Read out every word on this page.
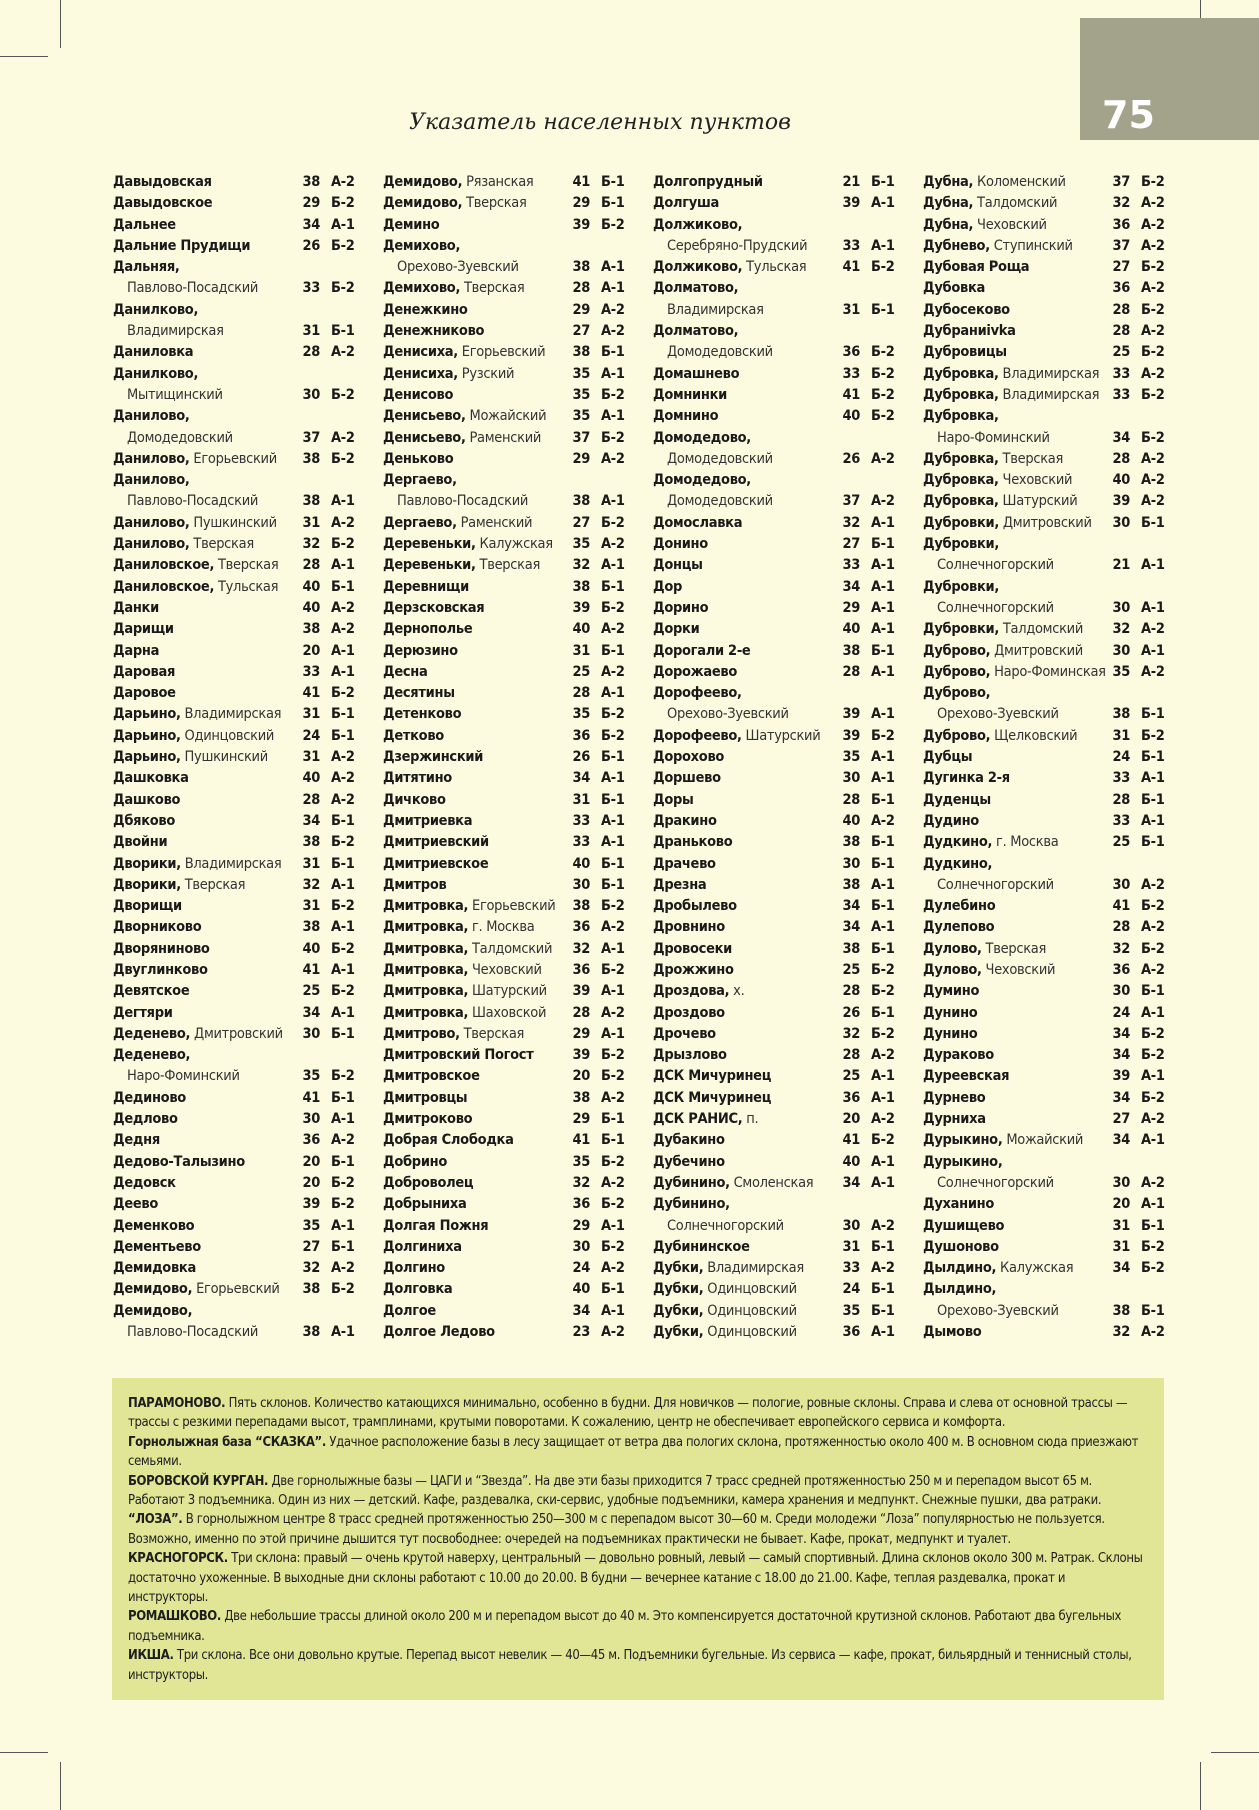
75
Указатель населенных пунктов
Давыдовская	38 А-2
Давыдовское	29 Б-2
Дальнее	34 А-1
Дальние Прудищи	26 Б-2
Дальняя,
Павлово-Посадский	33 Б-2
Данилково,
Владимирская	31 Б-1
Даниловка	28 А-2
Данилково,
Мытищинский	30 Б-2
Данилово,
Домодедовский	37 А-2
Данилово, Егорьевский	38 Б-2
Данилово,
Павлово-Посадский	38 А-1
Данилово, Пушкинский	31 А-2
Данилово, Тверская	32 Б-2
Даниловское, Тверская	28 А-1
Даниловское, Тульская	40 Б-1
Данки	40 А-2
Дарищи	38 А-2
Дарна	20 А-1
Даровая	33 А-1
Дарoвое	41 Б-2
Дарьино, Владимирская	31 Б-1
Дарьино, Одинцовский	24 Б-1
Дарьино, Пушкинский	31 А-2
Дашковка	40 А-2
Дашково	28 А-2
Дбяково	34 Б-1
Двойни	38 Б-2
Дворики, Владимирская	31 Б-1
Дворики, Тверская	32 А-1
Дворищи	31 Б-2
Дворниково	38 А-1
Дворяниново	40 Б-2
Двуглинково	41 А-1
Девятское	25 Б-2
Дегтяри	34 А-1
Деденево, Дмитровский	30 Б-1
Деденево,
Наро-Фоминский	35 Б-2
Дединово	41 Б-1
Дедлово	30 А-1
Дедня	36 А-2
Дедово-Талызино	20 Б-1
Дедовск	20 Б-2
Деево	39 Б-2
Деменково	35 А-1
Дементьево	27 Б-1
Демидовка	32 А-2
Демидово, Егорьевский	38 Б-2
Демидово,
Павлово-Посадский	38 А-1
Демидово, Рязанская	41 Б-1
Демидово, Тверская	29 Б-1
Демино	39 Б-2
Демихово,
Орехово-Зуевский	38 А-1
Демихово, Тверская	28 А-1
Денежкино	29 А-2
Денежниково	27 А-2
Денисиха, Егорьевский	38 Б-1
Денисиха, Рузский	35 А-1
Денисово	35 Б-2
Денисьево, Можайский	35 А-1
Денисьево, Раменский	37 Б-2
Деньково	29 А-2
Дергаево,
Павлово-Посадский	38 А-1
Дергаево, Раменский	27 Б-2
Деревеньки, Калужская	35 А-2
Деревеньки, Тверская	32 А-1
Деревнищи	38 Б-1
Дерзсковская	39 Б-2
Дернополье	40 А-2
Дерюзино	31 Б-1
Десна	25 А-2
Десятины	28 А-1
Детенково	35 Б-2
Детково	36 Б-2
Дзержинский	26 Б-1
Дитятино	34 А-1
Дичково	31 Б-1
Дмитриевка	33 А-1
Дмитриевский	33 А-1
Дмитриевское	40 Б-1
Дмитров	30 Б-1
Дмитровка, Егорьевский	38 Б-2
Дмитровка, г. Москва	36 А-2
Дмитровка, Талдомский	32 А-1
Дмитровка, Чеховский	36 Б-2
Дмитровка, Шатурский	39 А-1
Дмитровка, Шаховской	28 А-2
Дмитрово, Тверская	29 А-1
Дмитровский Погост	39 Б-2
Дмитровское	20 Б-2
Дмитровцы	38 А-2
Дмитроково	29 Б-1
Добрая Слободка	41 Б-1
Добрино	35 Б-2
Доброволец	32 А-2
Добрыниха	36 Б-2
Долгая Пожня	29 А-1
Долгиниха	30 Б-2
Долгино	24 А-2
Долговка	40 Б-1
Долгое	34 А-1
Долгое Ледово	23 А-2
Долгопрудный	21 Б-1
Долгуша	39 А-1
Должиково,
Серебряно-Прудский	33 А-1
Должиково, Тульская	41 Б-2
Долматово,
Владимирская	31 Б-1
Долматово,
Домодедовский	36 Б-2
Домашнево	33 Б-2
Домнинки	41 Б-2
Домнино	40 Б-2
Домодедово,
Домодедовский	26 А-2
Домодедово,
Домодедовский	37 А-2
Домославка	32 А-1
Донино	27 Б-1
Донцы	33 А-1
Дор	34 А-1
Дорино	29 А-1
Дорки	40 А-1
Дорогали 2-е	38 Б-1
Дорожаево	28 А-1
Дорофеево,
Орехово-Зуевский	39 А-1
Дорофеево, Шатурский	39 Б-2
Дорохово	35 А-1
Доршево	30 А-1
Доры	28 Б-1
Дракино	40 А-2
Драньково	38 Б-1
Драчево	30 Б-1
Дрезна	38 А-1
Дробылево	34 Б-1
Дровнино	34 А-1
Дровосеки	38 Б-1
Дрожжино	25 Б-2
Дроздова, х.	28 Б-2
Дроздово	26 Б-1
Дрочево	32 Б-2
Дрызлово	28 А-2
ДСК Мичуринец	25 А-1
ДСК Мичуринец	36 А-1
ДСК РАНИС, п.	20 А-2
Дубакино	41 Б-2
Дубечино	40 А-1
Дубинино, Смоленская	34 А-1
Дубинино,
Солнечногорский	30 А-2
Дубининское	31 Б-1
Дубки, Владимирская	33 А-2
Дубки, Одинцовский	24 Б-1
Дубки, Одинцовский	35 Б-1
Дубки, Одинцовский	36 А-1
Дубна, Коломенский	37 Б-2
Дубна, Талдомский	32 А-2
Дубна, Чеховский	36 А-2
Дубнево, Ступинский	37 А-2
Дубовая Роща	27 Б-2
Дубовка	36 А-2
Дубосеково	28 Б-2
Дубраниivka	28 А-2
Дубровицы	25 Б-2
Дубровка, Владимирская 33 А-2
Дубровка, Владимирская 33 Б-2
Дубровка,
Наро-Фоминский	34 Б-2
Дубровка, Тверская	28 А-2
Дубровка, Чеховский	40 А-2
Дубровка, Шатурский	39 А-2
Дубровки, Дмитровский	30 Б-1
Дубровки,
Солнечногорский	21 А-1
Дубровки,
Солнечногорский	30 А-1
Дубровки, Талдомский	32 А-2
Дуброво, Дмитровский	30 А-1
Дуброво, Наро-Фоминская 35 А-2
Дуброво,
Орехово-Зуевский	38 Б-1
Дуброво, Щелковский	31 Б-2
Дубцы	24 Б-1
Дугинка 2-я	33 А-1
Дуденцы	28 Б-1
Дудино	33 А-1
Дудкино, г. Москва	25 Б-1
Дудкино,
Солнечногорский	30 А-2
Дулебино	41 Б-2
Дулепово	28 А-2
Дулово, Тверская	32 Б-2
Дулово, Чеховский	36 А-2
Думино	30 Б-1
Дунино	24 А-1
Дунино	34 Б-2
Дураково	34 Б-2
Дуреевская	39 А-1
Дурнево	34 Б-2
Дурниха	27 А-2
Дурыкино, Можайский	34 А-1
Дурыкино,
Солнечногорский	30 А-2
Духанино	20 А-1
Душищево	31 Б-1
Душоново	31 Б-2
Дылдино, Калужская	34 Б-2
Дылдино,
Орехово-Зуевский	38 Б-1
Дымово	32 А-2

ПАРАМОНОВО. Пять склонов. Количество катающихся минимально, особенно в будни. Для новичков — пологие, ровные склоны. Справа и слева от основной трассы — трассы с резкими перепадами высот, трамплинами, крутыми поворотами. К сожалению, центр не обеспечивает европейского сервиса и комфорта.

Горнолыжная база “СКАЗКА”. Удачное расположение базы в лесу защищает от ветра два пологих склона, протяженностью около 400 м. В основном сюда приезжают семьями.

БОРОВСКОЙ КУРГАН. Две горнолыжные базы — ЦАГИ и “Звезда”. На две эти базы приходится 7 трасс средней протяженностью 250 м и перепадом высот 65 м. Работают 3 подъемника. Один из них — детский. Кафе, раздевалка, ски-сервис, удобные подъемники, камера хранения и медпункт. Снежные пушки, два ратраки.

“ЛОЗА”. В горнолыжном центре 8 трасс средней протяженностью 250—300 м с перепадом высот 30—60 м. Среди молодежи “Лоза” популярностью не пользуется. Возможно, именно по этой причине дышится тут посвободнее: очередей на подъемниках практически не бывает. Кафе, прокат, медпункт и туалет.

КРАСНОГОРСК. Три склона: правый — очень крутой наверху, центральный — довольно ровный, левый — самый спортивный. Длина склонов около 300 м. Ратрак. Склоны достаточно ухоженные. В выходные дни склоны работают с 10.00 до 20.00. В будни — вечернее катание с 18.00 до 21.00. Кафе, теплая раздевалка, прокат и инструкторы.

РОМАШКОВО. Две небольшие трассы длиной около 200 м и перепадом высот до 40 м. Это компенсируется достаточной крутизной склонов. Работают два бугельных подъемника.

ИКША. Три склона. Все они довольно крутые. Перепад высот невелик — 40—45 м. Подъемники бугельные. Из сервиса — кафе, прокат, бильярдный и теннисный столы, инструкторы.
